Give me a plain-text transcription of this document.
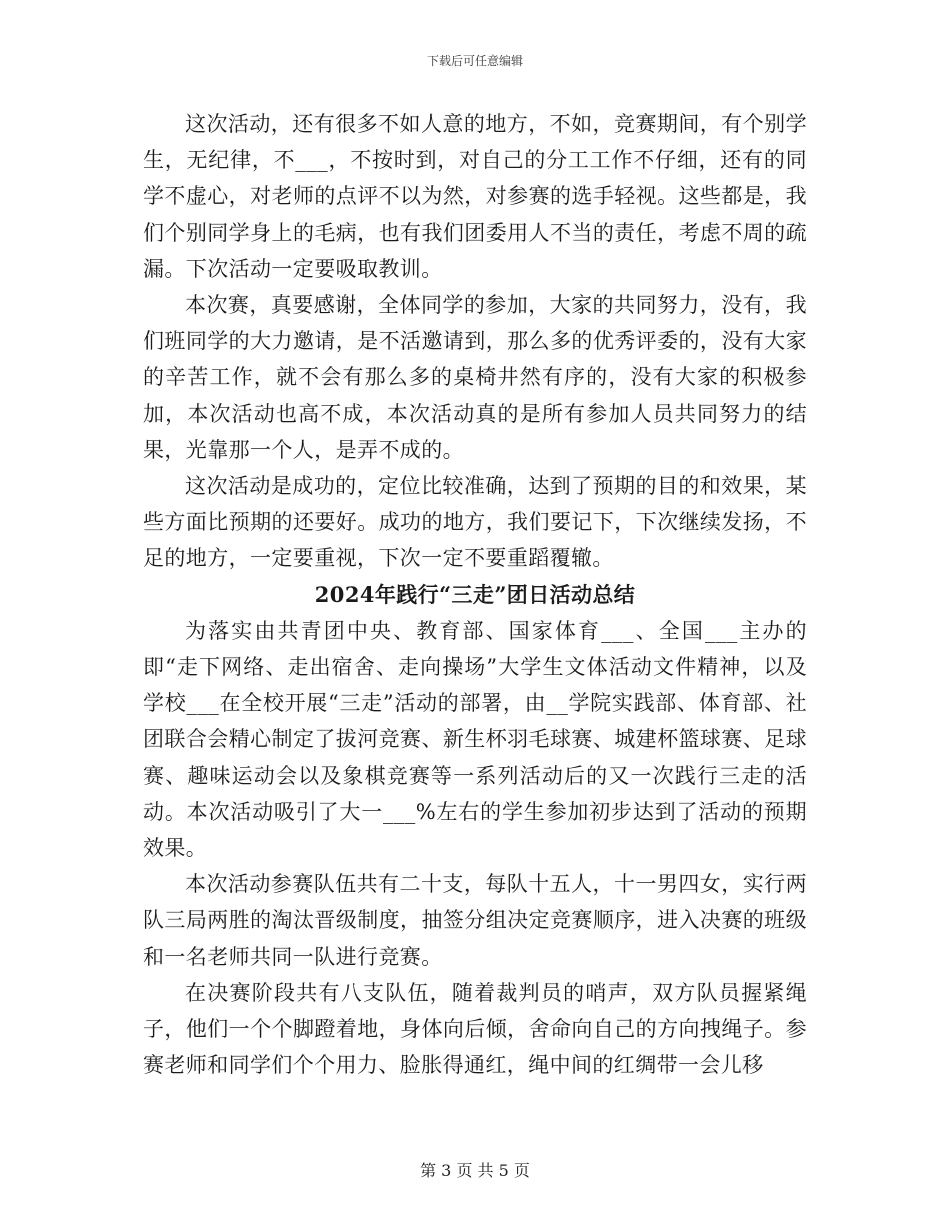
下载后可任意编辑

这次活动，还有很多不如人意的地方，不如，竞赛期间，有个别学生，无纪律，不___，不按时到，对自己的分工工作不仔细，还有的同学不虚心，对老师的点评不以为然，对参赛的选手轻视。这些都是，我们个别同学身上的毛病，也有我们团委用人不当的责任，考虑不周的疏漏。下次活动一定要吸取教训。

本次赛，真要感谢，全体同学的参加，大家的共同努力，没有，我们班同学的大力邀请，是不活邀请到，那么多的优秀评委的，没有大家的辛苦工作，就不会有那么多的桌椅井然有序的，没有大家的积极参加，本次活动也高不成，本次活动真的是所有参加人员共同努力的结果，光靠那一个人，是弄不成的。

这次活动是成功的，定位比较准确，达到了预期的目的和效果，某些方面比预期的还要好。成功的地方，我们要记下，下次继续发扬，不足的地方，一定要重视，下次一定不要重蹈覆辙。

2024年践行“三走”团日活动总结

为落实由共青团中央、教育部、国家体育___、全国___主办的即“走下网络、走出宿舍、走向操场”大学生文体活动文件精神，以及学校___在全校开展“三走”活动的部署，由__学院实践部、体育部、社团联合会精心制定了拔河竞赛、新生杯羽毛球赛、城建杯篮球赛、足球赛、趣味运动会以及象棋竞赛等一系列活动后的又一次践行三走的活动。本次活动吸引了大一___%左右的学生参加初步达到了活动的预期效果。

本次活动参赛队伍共有二十支，每队十五人，十一男四女，实行两队三局两胜的淘汰晋级制度，抽签分组决定竞赛顺序，进入决赛的班级和一名老师共同一队进行竞赛。

在决赛阶段共有八支队伍，随着裁判员的哨声，双方队员握紧绳子，他们一个个脚蹬着地，身体向后倾，舍命向自己的方向拽绳子。参赛老师和同学们个个用力、脸胀得通红，绳中间的红绸带一会儿移

第 3 页 共 5 页
